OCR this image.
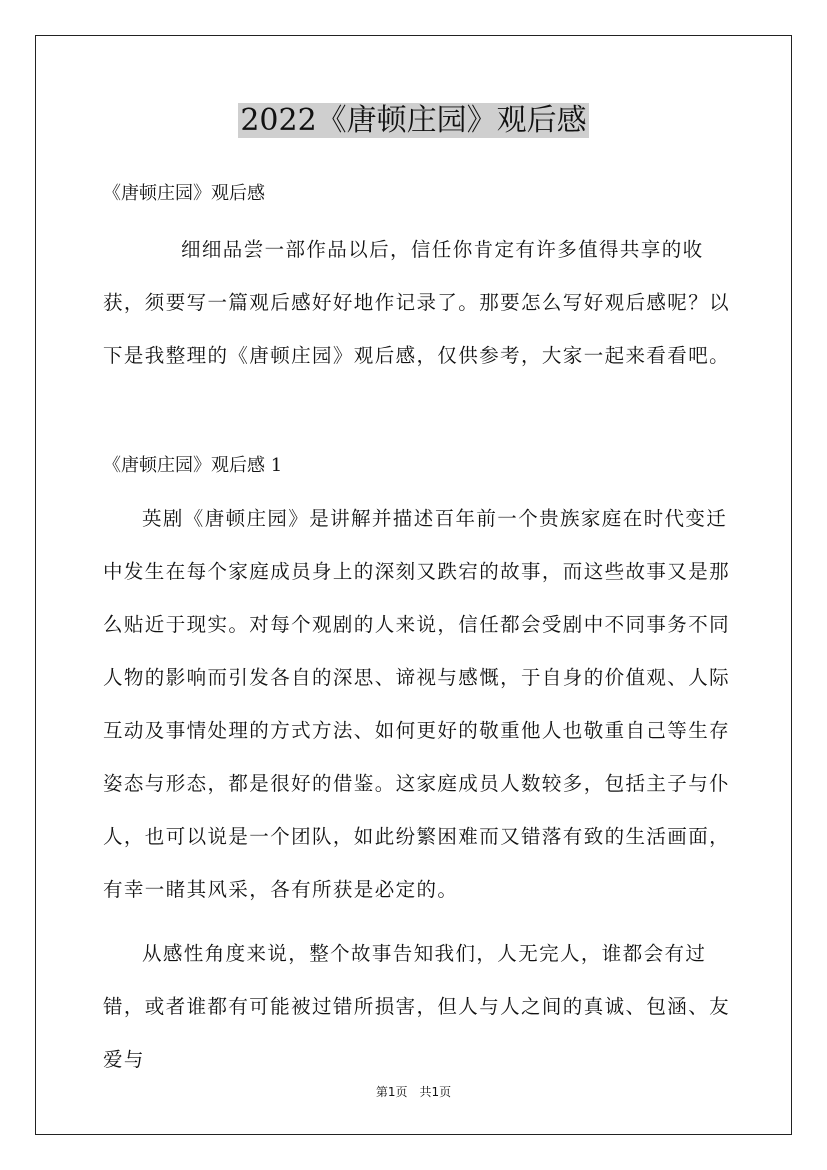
2022《唐顿庄园》观后感

《唐顿庄园》观后感

细细品尝一部作品以后，信任你肯定有许多值得共享的收获，须要写一篇观后感好好地作记录了。那要怎么写好观后感呢？以下是我整理的《唐顿庄园》观后感，仅供参考，大家一起来看看吧。

《唐顿庄园》观后感 1

英剧《唐顿庄园》是讲解并描述百年前一个贵族家庭在时代变迁中发生在每个家庭成员身上的深刻又跌宕的故事，而这些故事又是那么贴近于现实。对每个观剧的人来说，信任都会受剧中不同事务不同人物的影响而引发各自的深思、谛视与感慨，于自身的价值观、人际互动及事情处理的方式方法、如何更好的敬重他人也敬重自己等生存姿态与形态，都是很好的借鉴。这家庭成员人数较多，包括主子与仆人，也可以说是一个团队，如此纷繁困难而又错落有致的生活画面，有幸一睹其风采，各有所获是必定的。

从感性角度来说，整个故事告知我们，人无完人，谁都会有过错，或者谁都有可能被过错所损害，但人与人之间的真诚、包涵、友爱与

第1页　共1页
